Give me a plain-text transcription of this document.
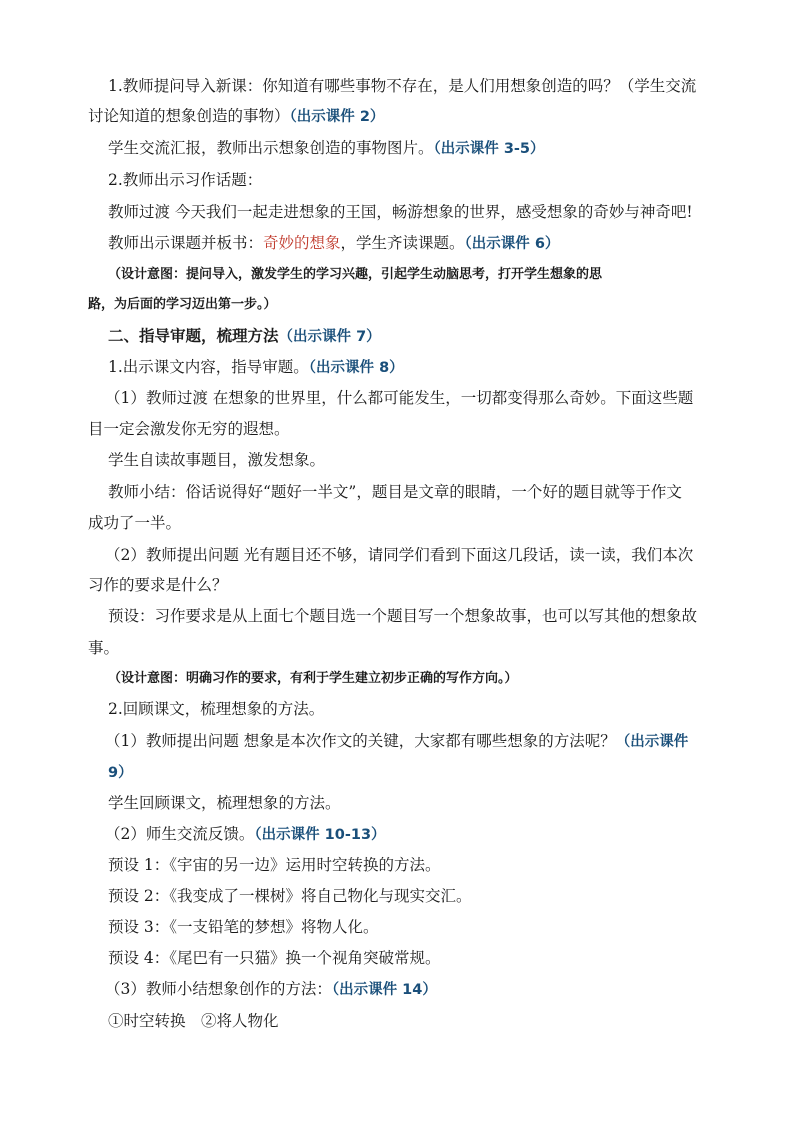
1.教师提问导入新课：你知道有哪些事物不存在，是人们用想象创造的吗？（学生交流
讨论知道的想象创造的事物）（出示课件 2）
学生交流汇报，教师出示想象创造的事物图片。（出示课件 3-5）
2.教师出示习作话题：
教师过渡 今天我们一起走进想象的王国，畅游想象的世界，感受想象的奇妙与神奇吧!
教师出示课题并板书：奇妙的想象，学生齐读课题。（出示课件 6）
（设计意图：提问导入，激发学生的学习兴趣，引起学生动脑思考，打开学生想象的思
路，为后面的学习迈出第一步。）
二、指导审题，梳理方法（出示课件 7）
1.出示课文内容，指导审题。（出示课件 8）
（1）教师过渡 在想象的世界里，什么都可能发生，一切都变得那么奇妙。下面这些题
目一定会激发你无穷的遐想。
学生自读故事题目，激发想象。
教师小结：俗话说得好“题好一半文”，题目是文章的眼睛，一个好的题目就等于作文
成功了一半。
（2）教师提出问题 光有题目还不够，请同学们看到下面这几段话，读一读，我们本次
习作的要求是什么？
预设：习作要求是从上面七个题目选一个题目写一个想象故事，也可以写其他的想象故
事。
（设计意图：明确习作的要求，有利于学生建立初步正确的写作方向。）
2.回顾课文，梳理想象的方法。
（1）教师提出问题 想象是本次作文的关键，大家都有哪些想象的方法呢？（出示课件
9）
学生回顾课文，梳理想象的方法。
（2）师生交流反馈。（出示课件 10-13）
预设 1：《宇宙的另一边》运用时空转换的方法。
预设 2：《我变成了一棵树》将自己物化与现实交汇。
预设 3：《一支铅笔的梦想》将物人化。
预设 4：《尾巴有一只猫》换一个视角突破常规。
（3）教师小结想象创作的方法：（出示课件 14）
①时空转换　②将人物化
